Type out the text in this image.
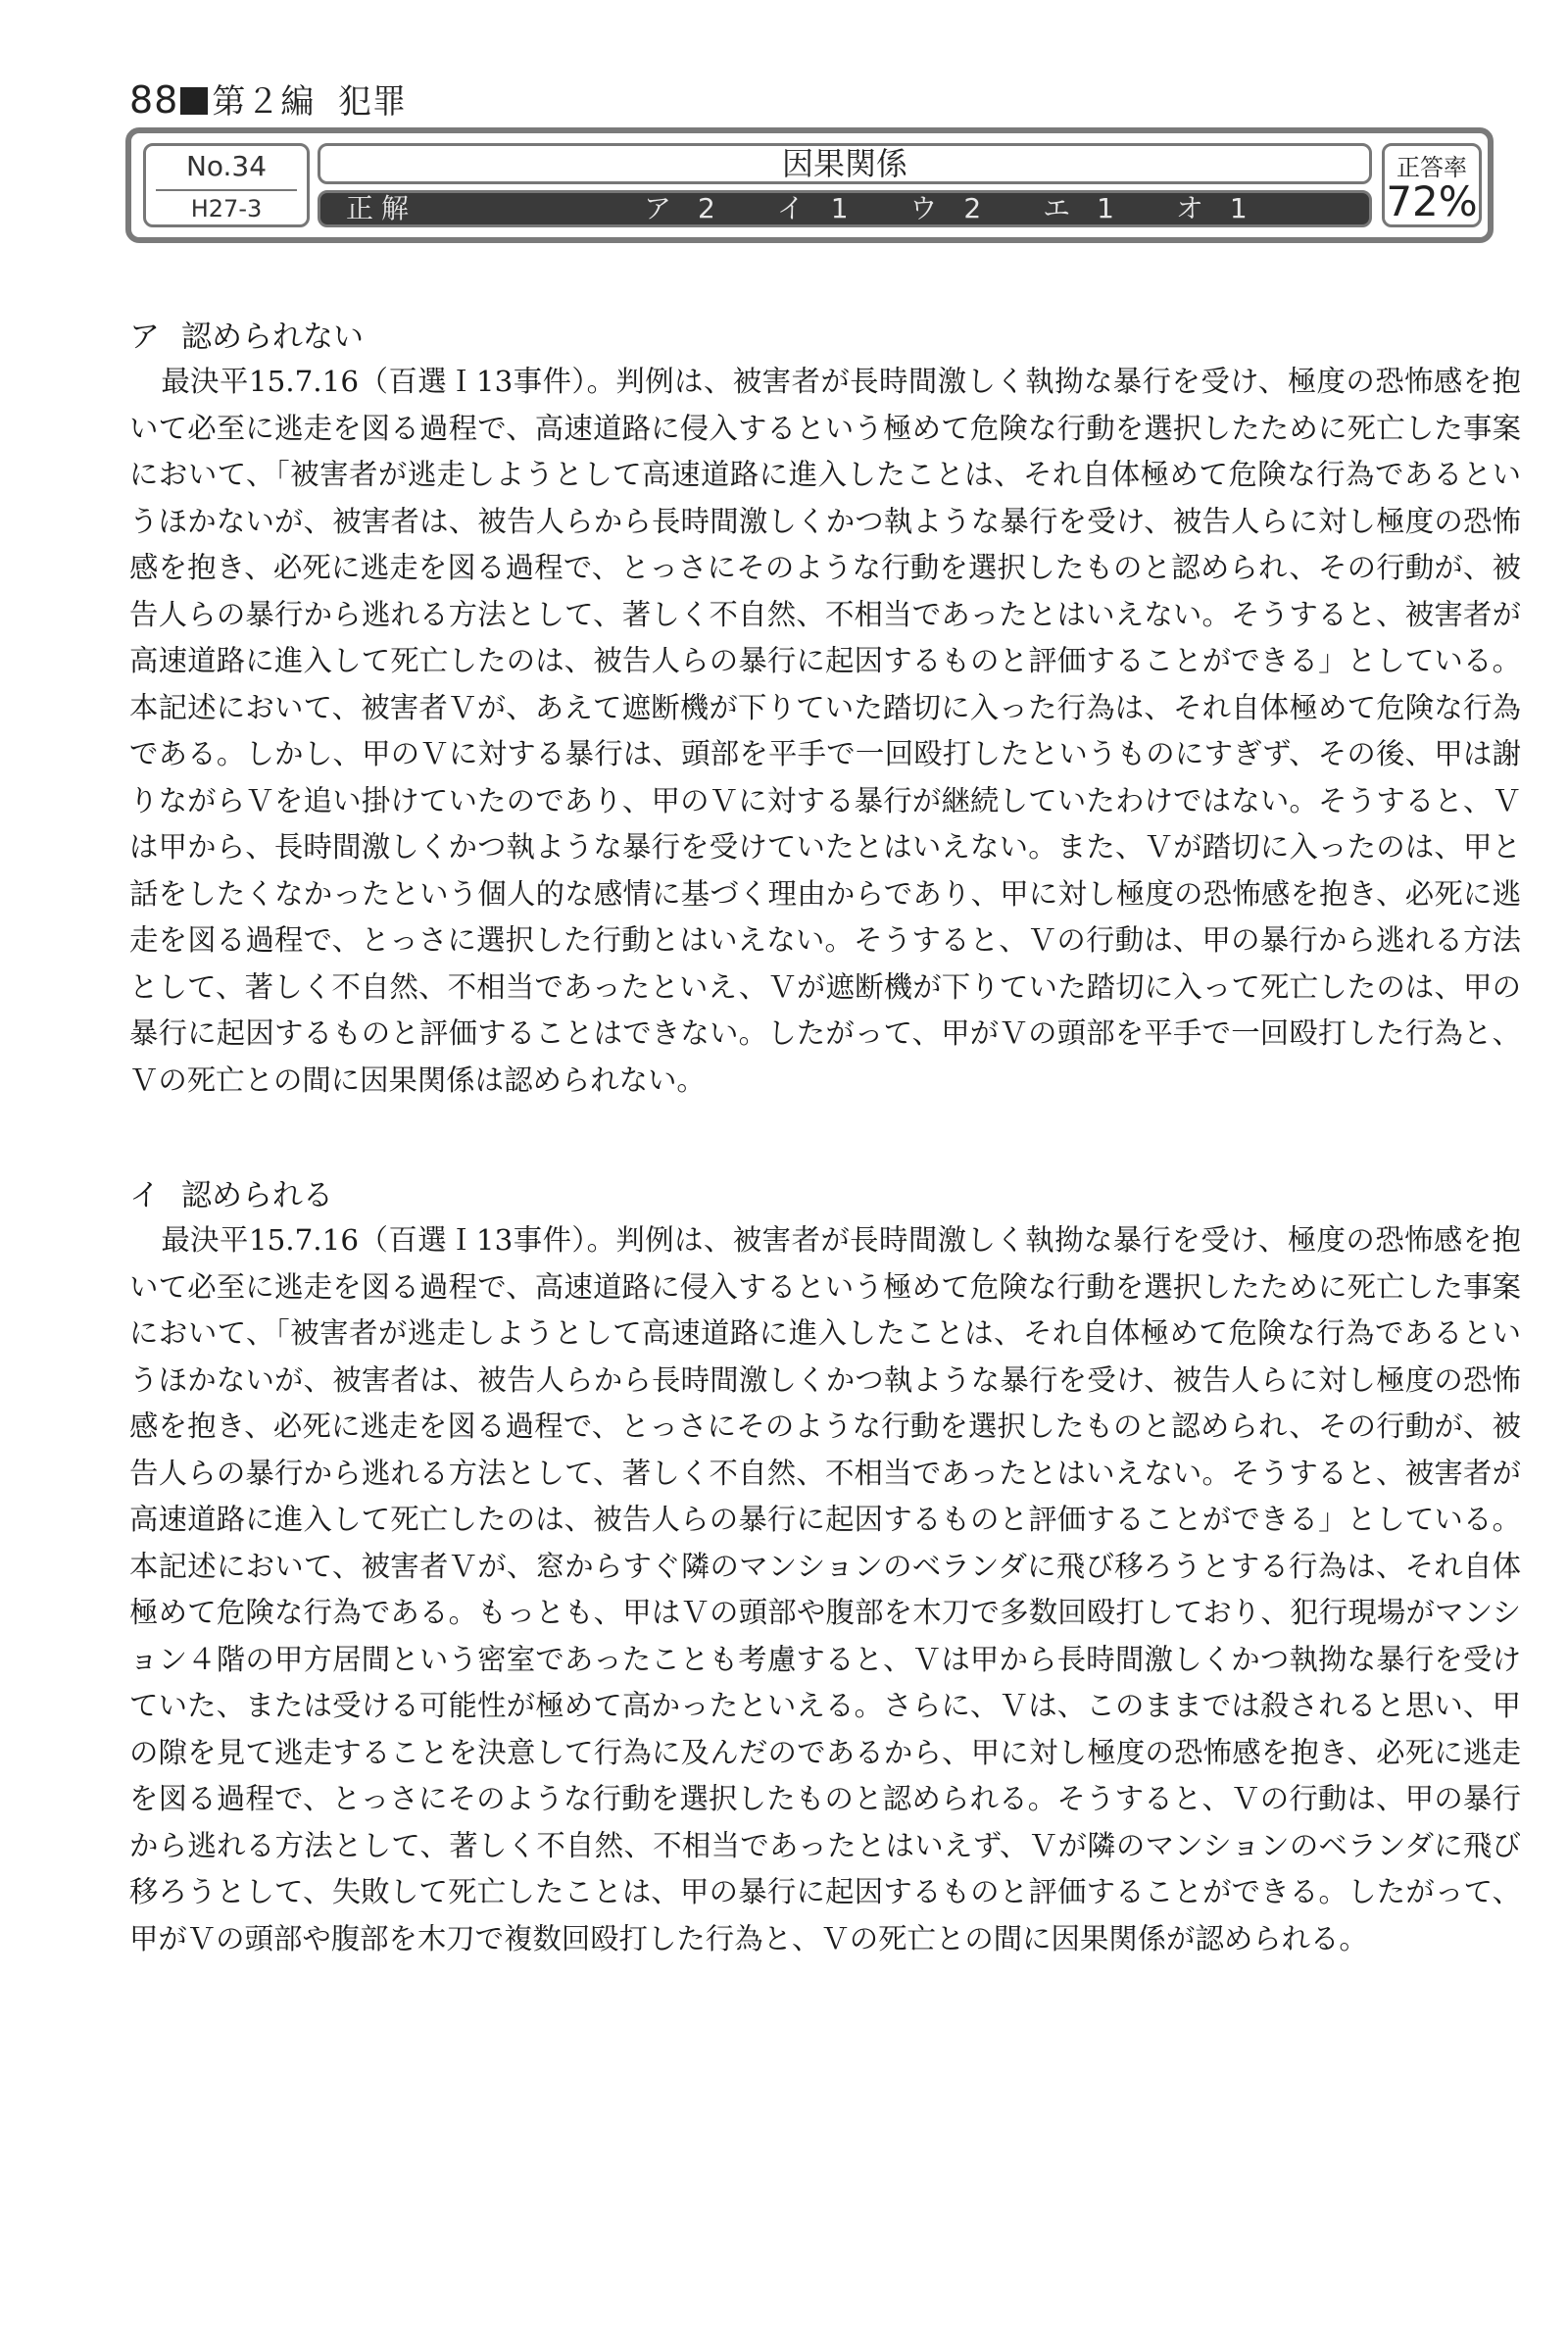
88 第２編 犯罪
No.34
H27-3
因果関係
正解	ア2 イ1 ウ2 エ1 オ1
正答率
72%
ア 認められない

最決平15.7.16（百選Ｉ13事件）。判例は、被害者が長時間激しく執拗な暴行を受け、極度の恐怖感を抱いて必至に逃走を図る過程で、高速道路に侵入するという極めて危険な行動を選択したために死亡した事案において、「被害者が逃走しようとして高速道路に進入したことは、それ自体極めて危険な行為であるというほかないが、被害者は、被告人らから長時間激しくかつ執ような暴行を受け、被告人らに対し極度の恐怖感を抱き、必死に逃走を図る過程で、とっさにそのような行動を選択したものと認められ、その行動が、被告人らの暴行から逃れる方法として、著しく不自然、不相当であったとはいえない。そうすると、被害者が高速道路に進入して死亡したのは、被告人らの暴行に起因するものと評価することができる」としている。本記述において、被害者Ｖが、あえて遮断機が下りていた踏切に入った行為は、それ自体極めて危険な行為である。しかし、甲のＶに対する暴行は、頭部を平手で一回殴打したというものにすぎず、その後、甲は謝りながらＶを追い掛けていたのであり、甲のＶに対する暴行が継続していたわけではない。そうすると、Ｖは甲から、長時間激しくかつ執ような暴行を受けていたとはいえない。また、Ｖが踏切に入ったのは、甲と話をしたくなかったという個人的な感情に基づく理由からであり、甲に対し極度の恐怖感を抱き、必死に逃走を図る過程で、とっさに選択した行動とはいえない。そうすると、Ｖの行動は、甲の暴行から逃れる方法として、著しく不自然、不相当であったといえ、Ｖが遮断機が下りていた踏切に入って死亡したのは、甲の暴行に起因するものと評価することはできない。したがって、甲がＶの頭部を平手で一回殴打した行為と、Ｖの死亡との間に因果関係は認められない。

イ 認められる

最決平15.7.16（百選Ｉ13事件）。判例は、被害者が長時間激しく執拗な暴行を受け、極度の恐怖感を抱いて必至に逃走を図る過程で、高速道路に侵入するという極めて危険な行動を選択したために死亡した事案において、「被害者が逃走しようとして高速道路に進入したことは、それ自体極めて危険な行為であるというほかないが、被害者は、被告人らから長時間激しくかつ執ような暴行を受け、被告人らに対し極度の恐怖感を抱き、必死に逃走を図る過程で、とっさにそのような行動を選択したものと認められ、その行動が、被告人らの暴行から逃れる方法として、著しく不自然、不相当であったとはいえない。そうすると、被害者が高速道路に進入して死亡したのは、被告人らの暴行に起因するものと評価することができる」としている。本記述において、被害者Ｖが、窓からすぐ隣のマンションのベランダに飛び移ろうとする行為は、それ自体極めて危険な行為である。もっとも、甲はＶの頭部や腹部を木刀で多数回殴打しており、犯行現場がマンション４階の甲方居間という密室であったことも考慮すると、Ｖは甲から長時間激しくかつ執拗な暴行を受けていた、または受ける可能性が極めて高かったといえる。さらに、Ｖは、このままでは殺されると思い、甲の隙を見て逃走することを決意して行為に及んだのであるから、甲に対し極度の恐怖感を抱き、必死に逃走を図る過程で、とっさにそのような行動を選択したものと認められる。そうすると、Ｖの行動は、甲の暴行から逃れる方法として、著しく不自然、不相当であったとはいえず、Ｖが隣のマンションのベランダに飛び移ろうとして、失敗して死亡したことは、甲の暴行に起因するものと評価することができる。したがって、甲がＶの頭部や腹部を木刀で複数回殴打した行為と、Ｖの死亡との間に因果関係が認められる。
